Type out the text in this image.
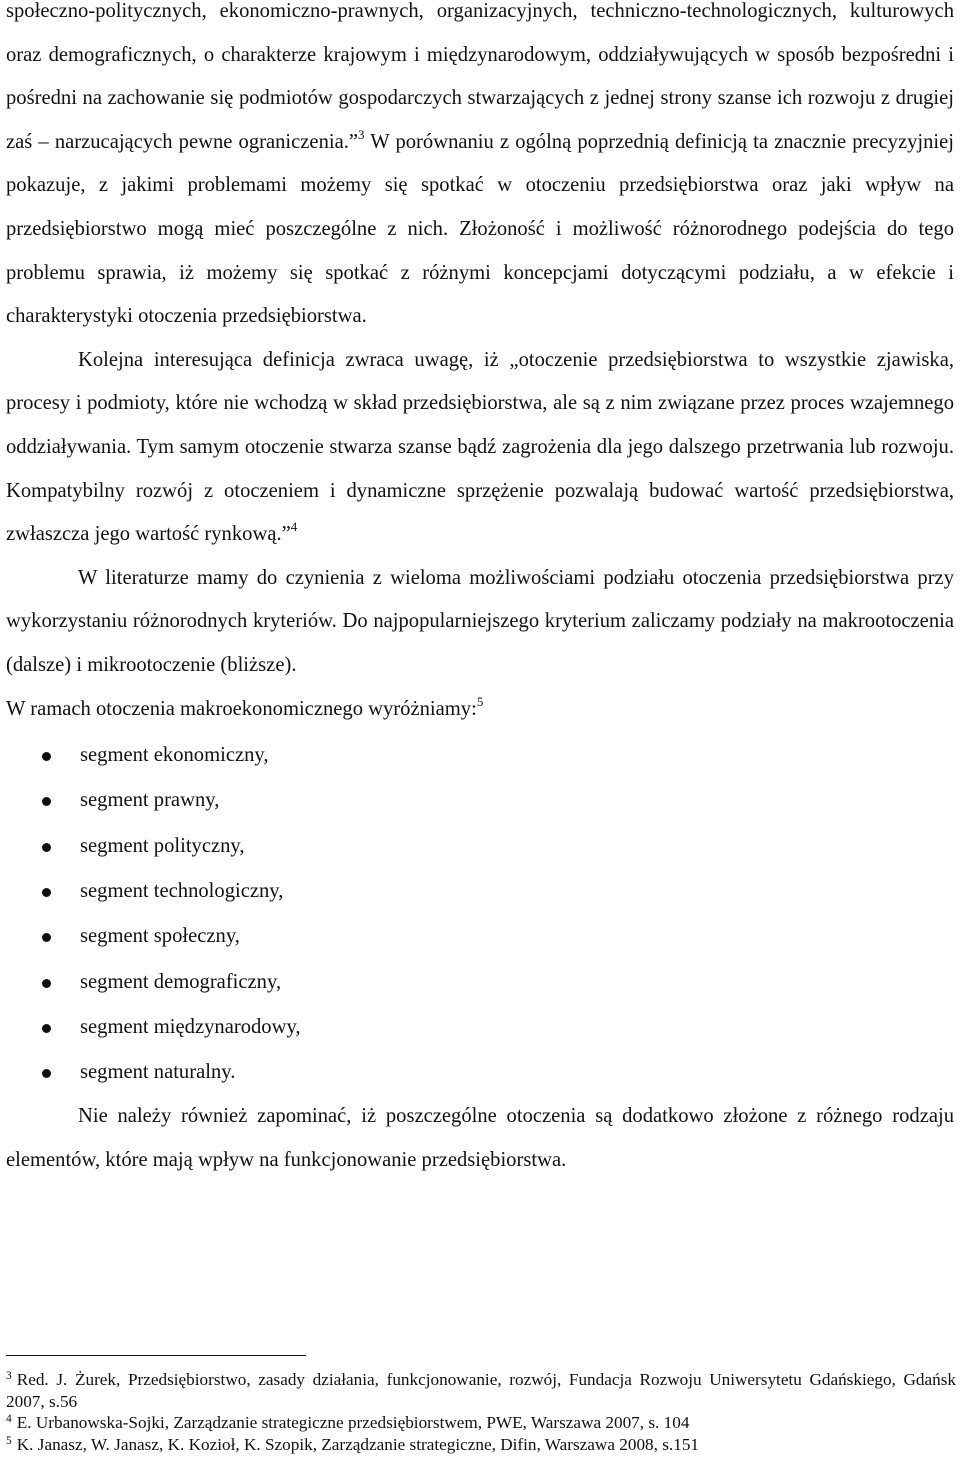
społeczno-politycznych, ekonomiczno-prawnych, organizacyjnych, techniczno-technologicznych, kulturowych oraz demograficznych, o charakterze krajowym i międzynarodowym, oddziaływujących w sposób bezpośredni i pośredni na zachowanie się podmiotów gospodarczych stwarzających z jednej strony szanse ich rozwoju z drugiej zaś – narzucających pewne ograniczenia.”$^3$ W porównaniu z ogólną poprzednią definicją ta znacznie precyzyjniej pokazuje, z jakimi problemami możemy się spotkać w otoczeniu przedsiębiorstwa oraz jaki wpływ na przedsiębiorstwo mogą mieć poszczególne z nich. Złożoność i możliwość różnorodnego podejścia do tego problemu sprawia, iż możemy się spotkać z różnymi koncepcjami dotyczącymi podziału, a w efekcie i charakterystyki otoczenia przedsiębiorstwa.

Kolejna interesująca definicja zwraca uwagę, iż „otoczenie przedsiębiorstwa to wszystkie zjawiska, procesy i podmioty, które nie wchodzą w skład przedsiębiorstwa, ale są z nim związane przez proces wzajemnego oddziaływania. Tym samym otoczenie stwarza szanse bądź zagrożenia dla jego dalszego przetrwania lub rozwoju. Kompatybilny rozwój z otoczeniem i dynamiczne sprzężenie pozwalają budować wartość przedsiębiorstwa, zwłaszcza jego wartość rynkową.”$^4$

W literaturze mamy do czynienia z wieloma możliwościami podziału otoczenia przedsiębiorstwa przy wykorzystaniu różnorodnych kryteriów. Do najpopularniejszego kryterium zaliczamy podziały na makrootoczenia (dalsze) i mikrootoczenie (bliższe).

W ramach otoczenia makroekonomicznego wyróżniamy:$^5$

segment ekonomiczny,
segment prawny,
segment polityczny,
segment technologiczny,
segment społeczny,
segment demograficzny,
segment międzynarodowy,
segment naturalny.

Nie należy również zapominać, iż poszczególne otoczenia są dodatkowo złożone z różnego rodzaju elementów, które mają wpływ na funkcjonowanie przedsiębiorstwa.

$^3$ Red. J. Żurek, Przedsiębiorstwo, zasady działania, funkcjonowanie, rozwój, Fundacja Rozwoju Uniwersytetu Gdańskiego, Gdańsk 2007, s.56

$^4$ E. Urbanowska-Sojki, Zarządzanie strategiczne przedsiębiorstwem, PWE, Warszawa 2007, s. 104

$^5$ K. Janasz, W. Janasz, K. Kozioł, K. Szopik, Zarządzanie strategiczne, Difin, Warszawa 2008, s.151
